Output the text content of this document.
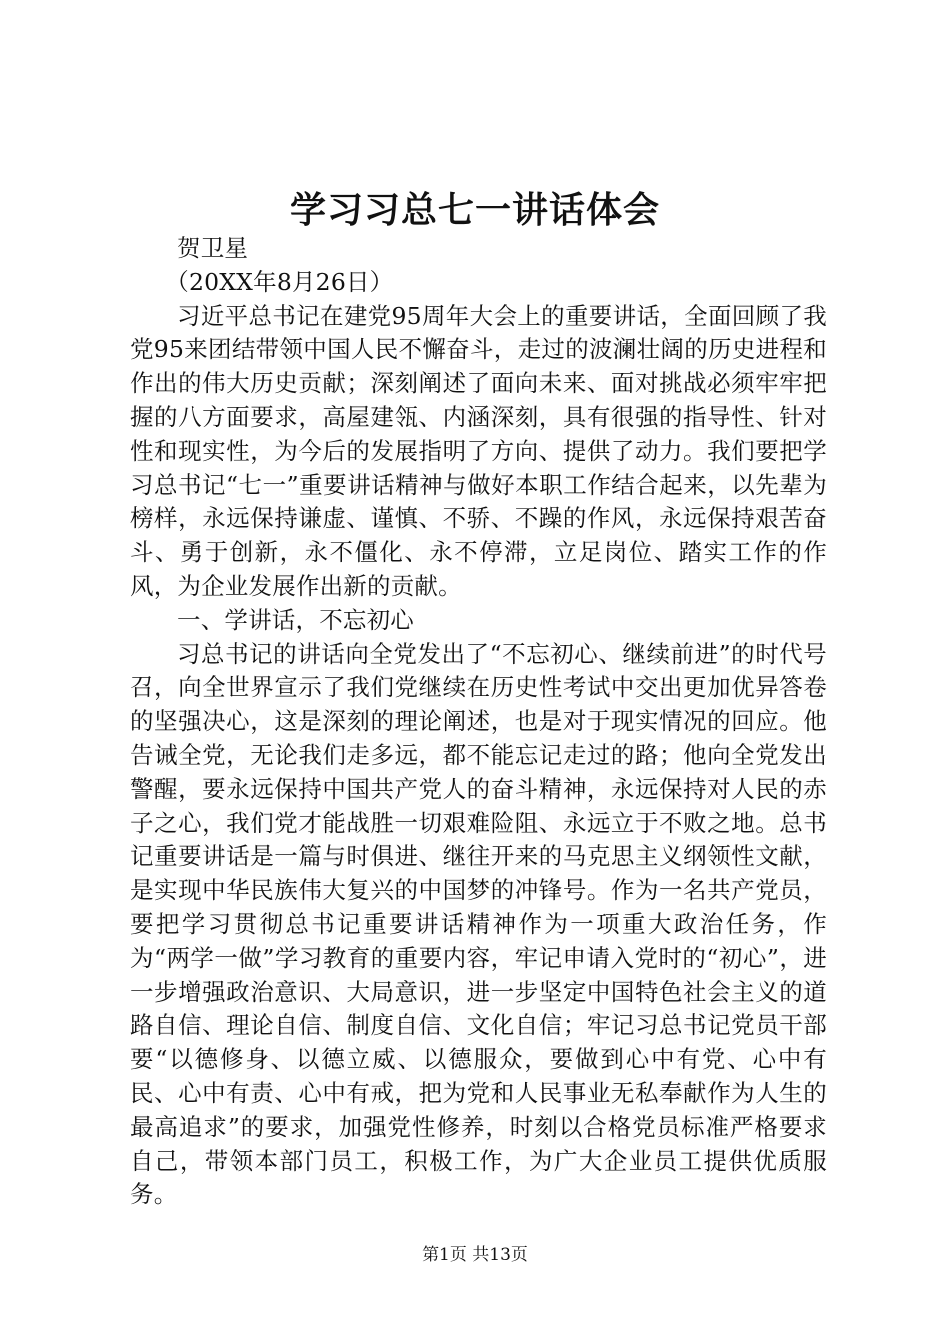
学习习总七一讲话体会

贺卫星

（20XX年8月26日）

习近平总书记在建党95周年大会上的重要讲话，全面回顾了我党95来团结带领中国人民不懈奋斗，走过的波澜壮阔的历史进程和作出的伟大历史贡献；深刻阐述了面向未来、面对挑战必须牢牢把握的八方面要求，高屋建瓴、内涵深刻，具有很强的指导性、针对性和现实性，为今后的发展指明了方向、提供了动力。我们要把学习总书记“七一”重要讲话精神与做好本职工作结合起来，以先辈为榜样，永远保持谦虚、谨慎、不骄、不躁的作风，永远保持艰苦奋斗、勇于创新，永不僵化、永不停滞，立足岗位、踏实工作的作风，为企业发展作出新的贡献。

一、学讲话，不忘初心

习总书记的讲话向全党发出了“不忘初心、继续前进”的时代号召，向全世界宣示了我们党继续在历史性考试中交出更加优异答卷的坚强决心，这是深刻的理论阐述，也是对于现实情况的回应。他告诫全党，无论我们走多远，都不能忘记走过的路；他向全党发出警醒，要永远保持中国共产党人的奋斗精神，永远保持对人民的赤子之心，我们党才能战胜一切艰难险阻、永远立于不败之地。总书记重要讲话是一篇与时俱进、继往开来的马克思主义纲领性文献，是实现中华民族伟大复兴的中国梦的冲锋号。作为一名共产党员，要把学习贯彻总书记重要讲话精神作为一项重大政治任务，作为“两学一做”学习教育的重要内容，牢记申请入党时的“初心”，进一步增强政治意识、大局意识，进一步坚定中国特色社会主义的道路自信、理论自信、制度自信、文化自信；牢记习总书记党员干部要“以德修身、以德立威、以德服众，要做到心中有党、心中有民、心中有责、心中有戒，把为党和人民事业无私奉献作为人生的最高追求”的要求，加强党性修养，时刻以合格党员标准严格要求自己，带领本部门员工，积极工作，为广大企业员工提供优质服务。

第1页 共13页
